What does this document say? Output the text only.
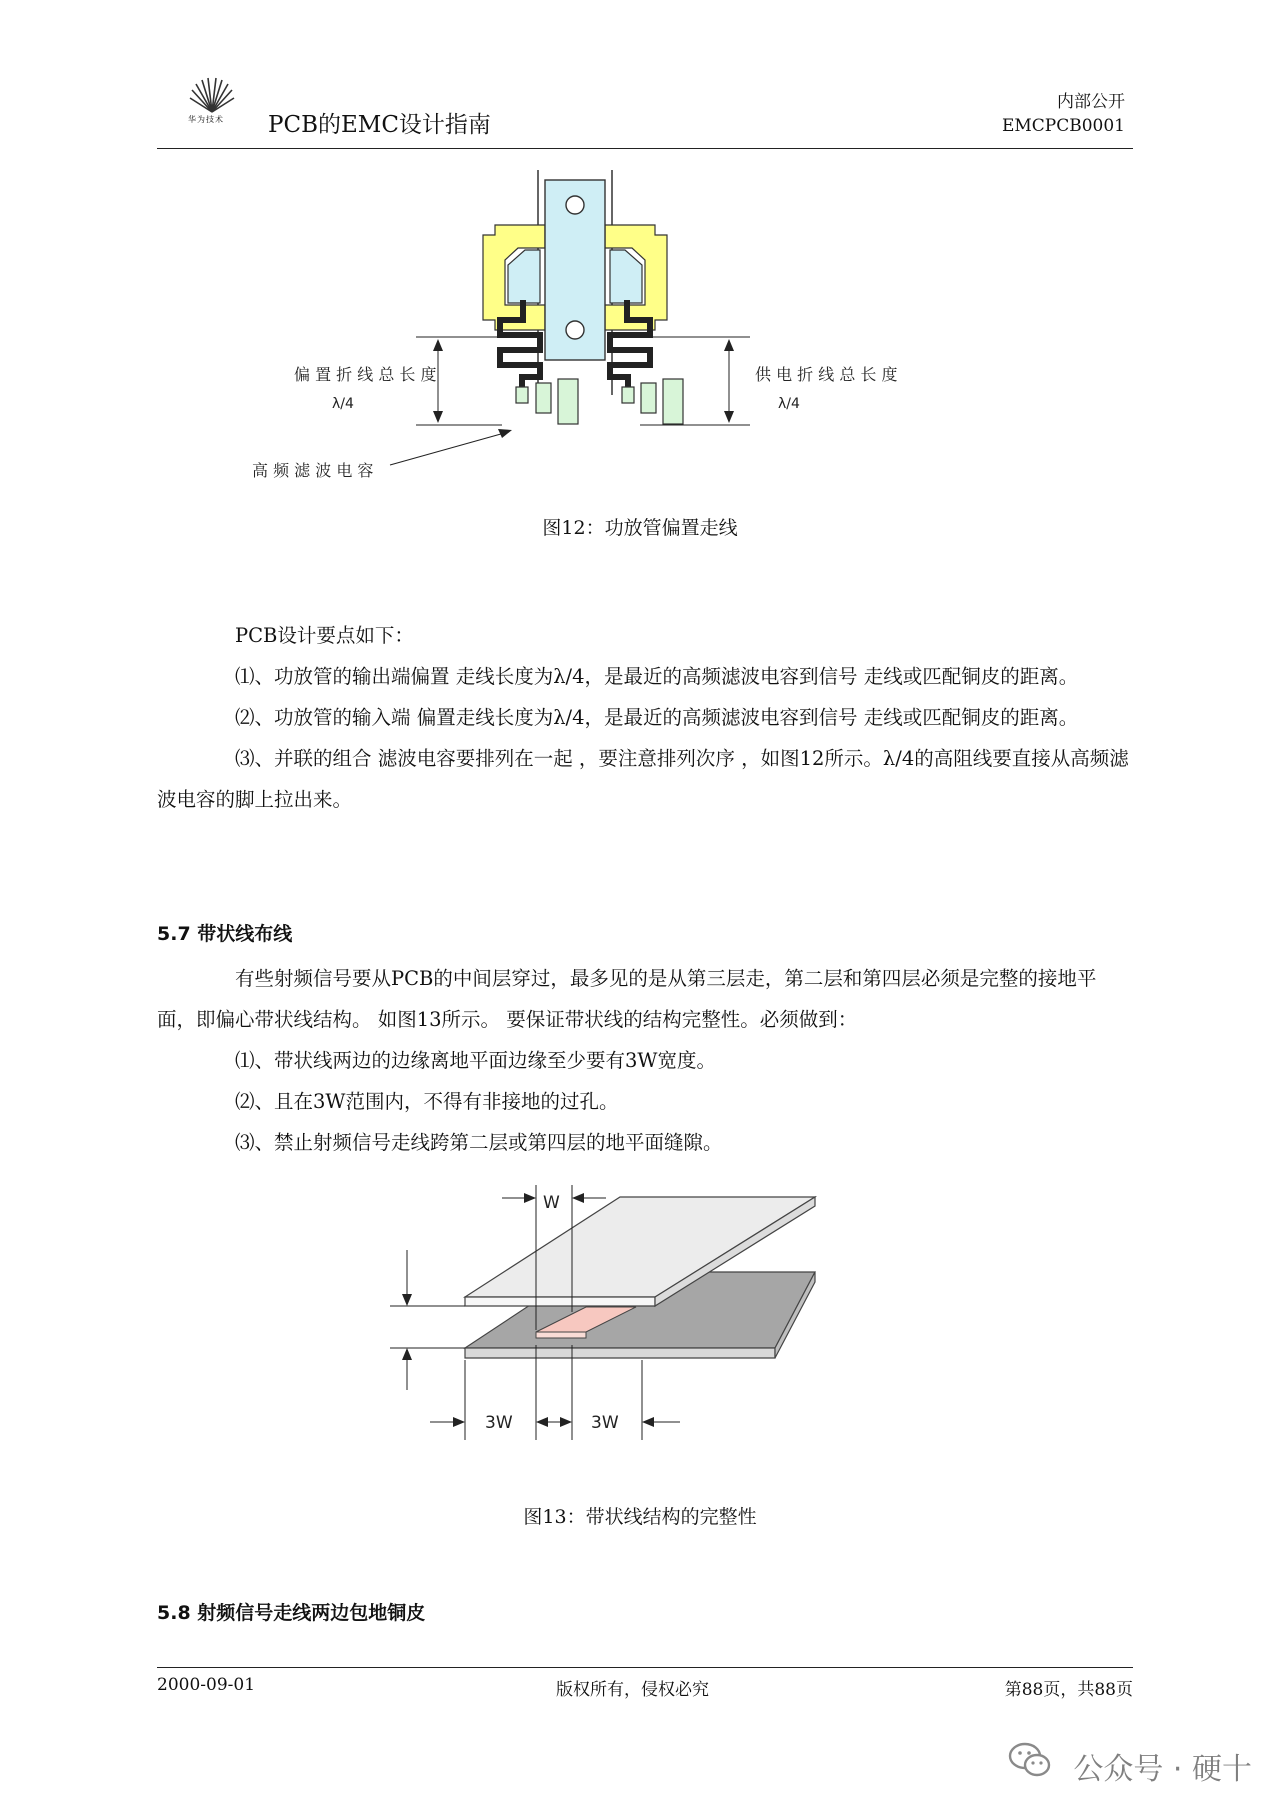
华为技术 PCB的EMC设计指南
内部公开
EMCPCB0001
偏 置 折 线 总 长 度
λ/4
供 电 折 线 总 长 度
λ/4
高 频 滤 波 电 容
图12：功放管偏置走线

PCB设计要点如下：

⑴、功放管的输出端偏置 走线长度为λ/4，是最近的高频滤波电容到信号 走线或匹配铜皮的距离。

⑵、功放管的输入端 偏置走线长度为λ/4，是最近的高频滤波电容到信号 走线或匹配铜皮的距离。

⑶、并联的组合 滤波电容要排列在一起 ，要注意排列次序 ，如图12所示。λ/4的高阻线要直接从高频滤波电容的脚上拉出来。

5.7 带状线布线

有些射频信号要从PCB的中间层穿过，最多见的是从第三层走，第二层和第四层必须是完整的接地平面，即偏心带状线结构。 如图13所示。 要保证带状线的结构完整性。必须做到：

⑴、带状线两边的边缘离地平面边缘至少要有3W宽度。

⑵、且在3W范围内，不得有非接地的过孔。

⑶、禁止射频信号走线跨第二层或第四层的地平面缝隙。

W
3W	3W
图13：带状线结构的完整性
5.8 射频信号走线两边包地铜皮
2000-09-01	版权所有，侵权必究	第88页，共88页
公众号 · 硬十
